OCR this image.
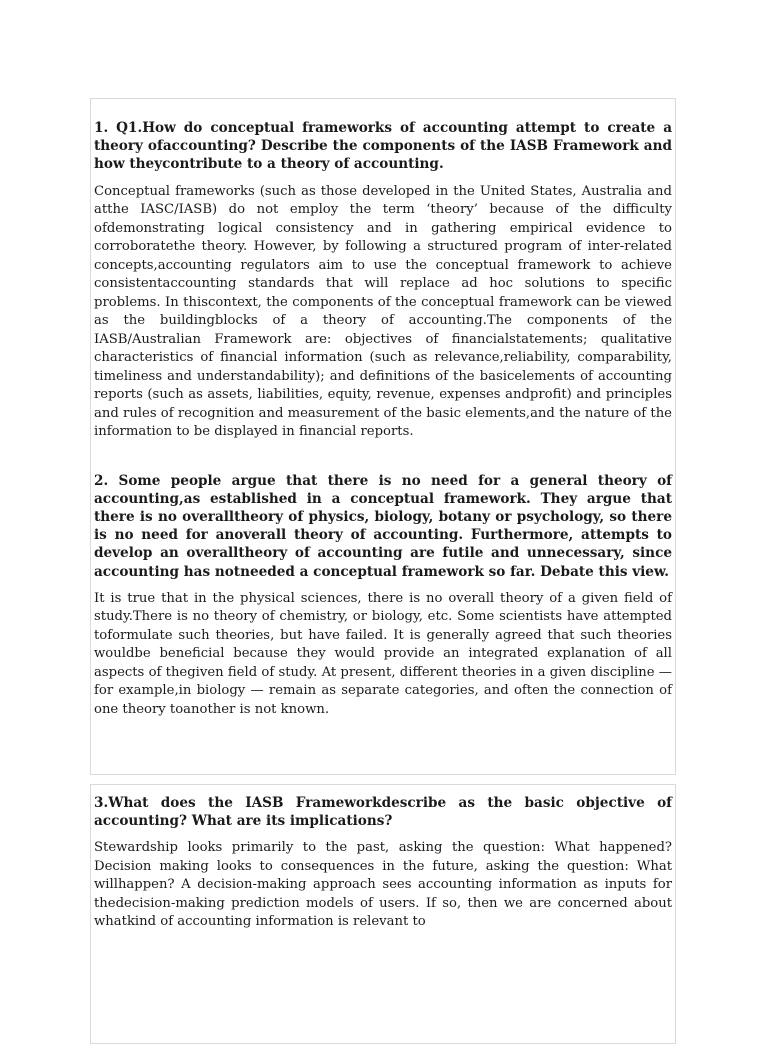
1. Q1.How do conceptual frameworks of accounting attempt to create a theory ofaccounting? Describe the components of the IASB Framework and how theycontribute to a theory of accounting.

Conceptual frameworks (such as those developed in the United States, Australia and atthe IASC/IASB) do not employ the term ‘theory’ because of the difficulty ofdemonstrating logical consistency and in gathering empirical evidence to corroboratethe theory. However, by following a structured program of inter-related concepts,accounting regulators aim to use the conceptual framework to achieve consistentaccounting standards that will replace ad hoc solutions to specific problems. In thiscontext, the components of the conceptual framework can be viewed as the buildingblocks of a theory of accounting.The components of the IASB/Australian Framework are: objectives of financialstatements; qualitative characteristics of financial information (such as relevance,reliability, comparability, timeliness and understandability); and definitions of the basicelements of accounting reports (such as assets, liabilities, equity, revenue, expenses andprofit) and principles and rules of recognition and measurement of the basic elements,and the nature of the information to be displayed in financial reports.

2. Some people argue that there is no need for a general theory of accounting,as established in a conceptual framework. They argue that there is no overalltheory of physics, biology, botany or psychology, so there is no need for anoverall theory of accounting. Furthermore, attempts to develop an overalltheory of accounting are futile and unnecessary, since accounting has notneeded a conceptual framework so far. Debate this view.

It is true that in the physical sciences, there is no overall theory of a given field of study.There is no theory of chemistry, or biology, etc. Some scientists have attempted toformulate such theories, but have failed. It is generally agreed that such theories wouldbe beneficial because they would provide an integrated explanation of all aspects of thegiven field of study. At present, different theories in a given discipline — for example,in biology — remain as separate categories, and often the connection of one theory toanother is not known.

3.What does the IASB Frameworkdescribe as the basic objective of accounting? What are its implications?

Stewardship looks primarily to the past, asking the question: What happened?Decision making looks to consequences in the future, asking the question: What willhappen? A decision-making approach sees accounting information as inputs for thedecision-making prediction models of users. If so, then we are concerned about whatkind of accounting information is relevant to
